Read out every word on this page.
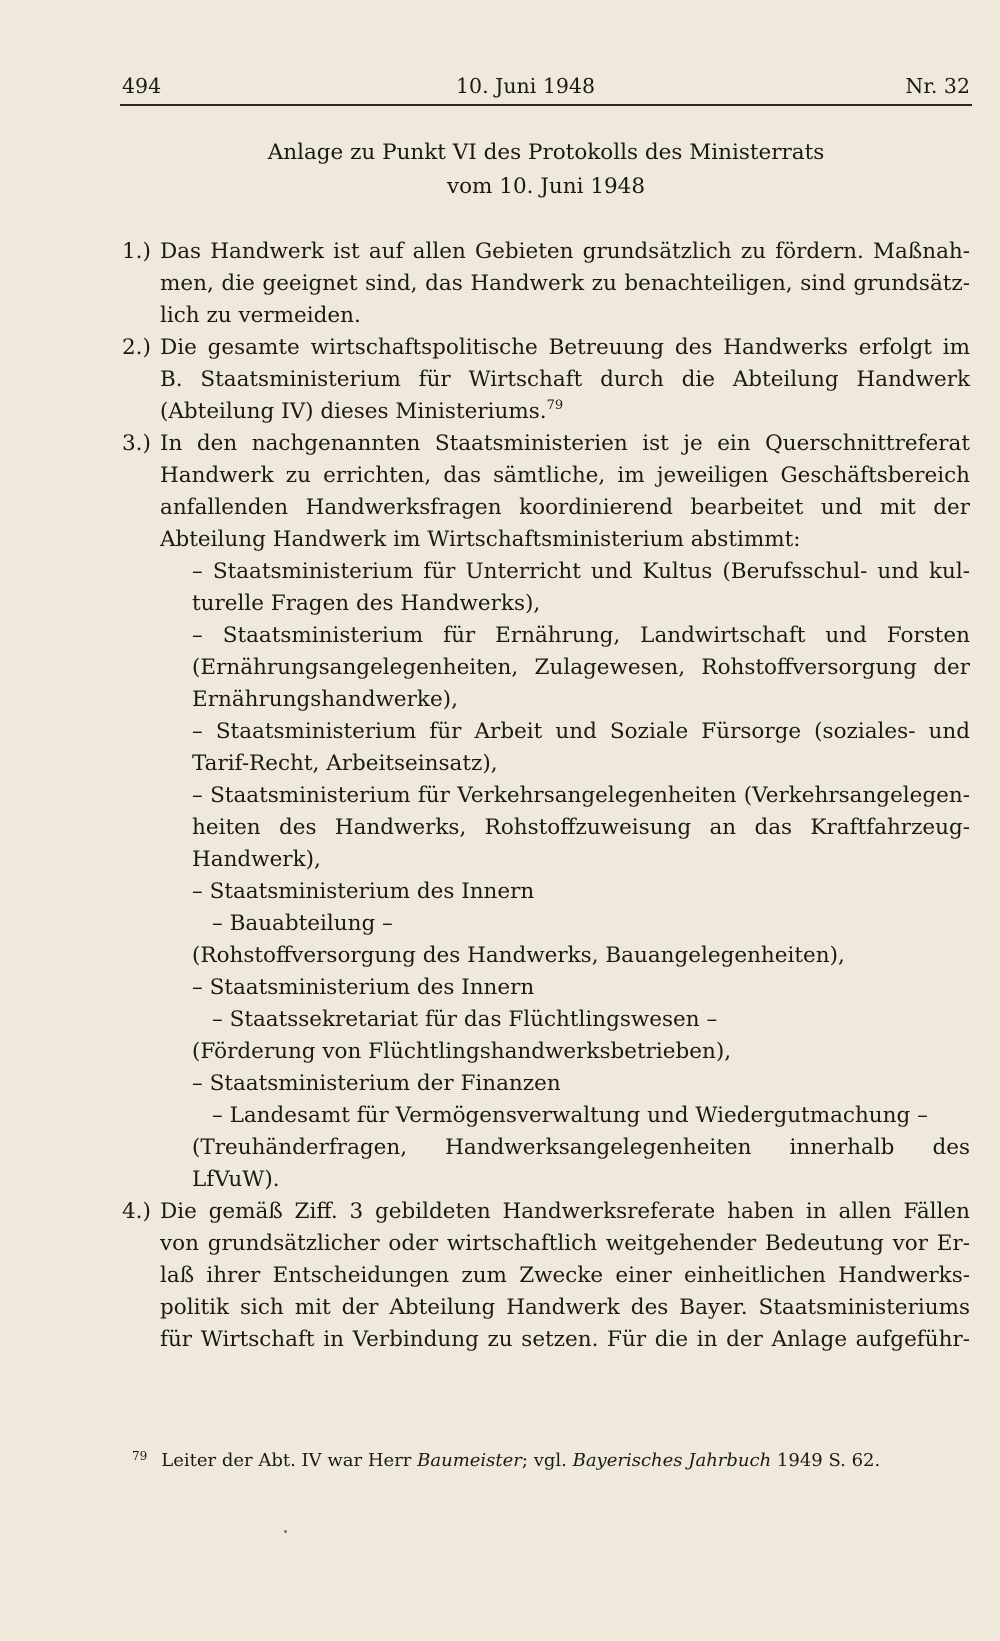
494	10. Juni 1948	Nr. 32
Anlage zu Punkt VI des Protokolls des Ministerrats
vom 10. Juni 1948
1.) Das Handwerk ist auf allen Gebieten grundsätzlich zu fördern. Maßnah-
men, die geeignet sind, das Handwerk zu benachteiligen, sind grundsätz-
lich zu vermeiden.
2.) Die gesamte wirtschaftspolitische Betreuung des Handwerks erfolgt im
B. Staatsministerium für Wirtschaft durch die Abteilung Handwerk
(Abteilung IV) dieses Ministeriums.$^{79}$
3.) In den nachgenannten Staatsministerien ist je ein Querschnittreferat
Handwerk zu errichten, das sämtliche, im jeweiligen Geschäftsbereich
anfallenden Handwerksfragen koordinierend bearbeitet und mit der
Abteilung Handwerk im Wirtschaftsministerium abstimmt:
– Staatsministerium für Unterricht und Kultus (Berufsschul- und kul-
turelle Fragen des Handwerks),
– Staatsministerium für Ernährung, Landwirtschaft und Forsten
(Ernährungsangelegenheiten, Zulagewesen, Rohstoffversorgung der
Ernährungshandwerke),
– Staatsministerium für Arbeit und Soziale Fürsorge (soziales- und
Tarif-Recht, Arbeitseinsatz),
– Staatsministerium für Verkehrsangelegenheiten (Verkehrsangelegen-
heiten des Handwerks, Rohstoffzuweisung an das Kraftfahrzeug-
Handwerk),
– Staatsministerium des Innern
– Bauabteilung –
(Rohstoffversorgung des Handwerks, Bauangelegenheiten),
– Staatsministerium des Innern
– Staatssekretariat für das Flüchtlingswesen –
(Förderung von Flüchtlingshandwerksbetrieben),
– Staatsministerium der Finanzen
– Landesamt für Vermögensverwaltung und Wiedergutmachung –
(Treuhänderfragen, Handwerksangelegenheiten innerhalb des
LfVuW).
4.) Die gemäß Ziff. 3 gebildeten Handwerksreferate haben in allen Fällen
von grundsätzlicher oder wirtschaftlich weitgehender Bedeutung vor Er-
laß ihrer Entscheidungen zum Zwecke einer einheitlichen Handwerks-
politik sich mit der Abteilung Handwerk des Bayer. Staatsministeriums
für Wirtschaft in Verbindung zu setzen. Für die in der Anlage aufgeführ-
$^{79}$ Leiter der Abt. IV war Herr Baumeister; vgl. Bayerisches Jahrbuch 1949 S. 62.
